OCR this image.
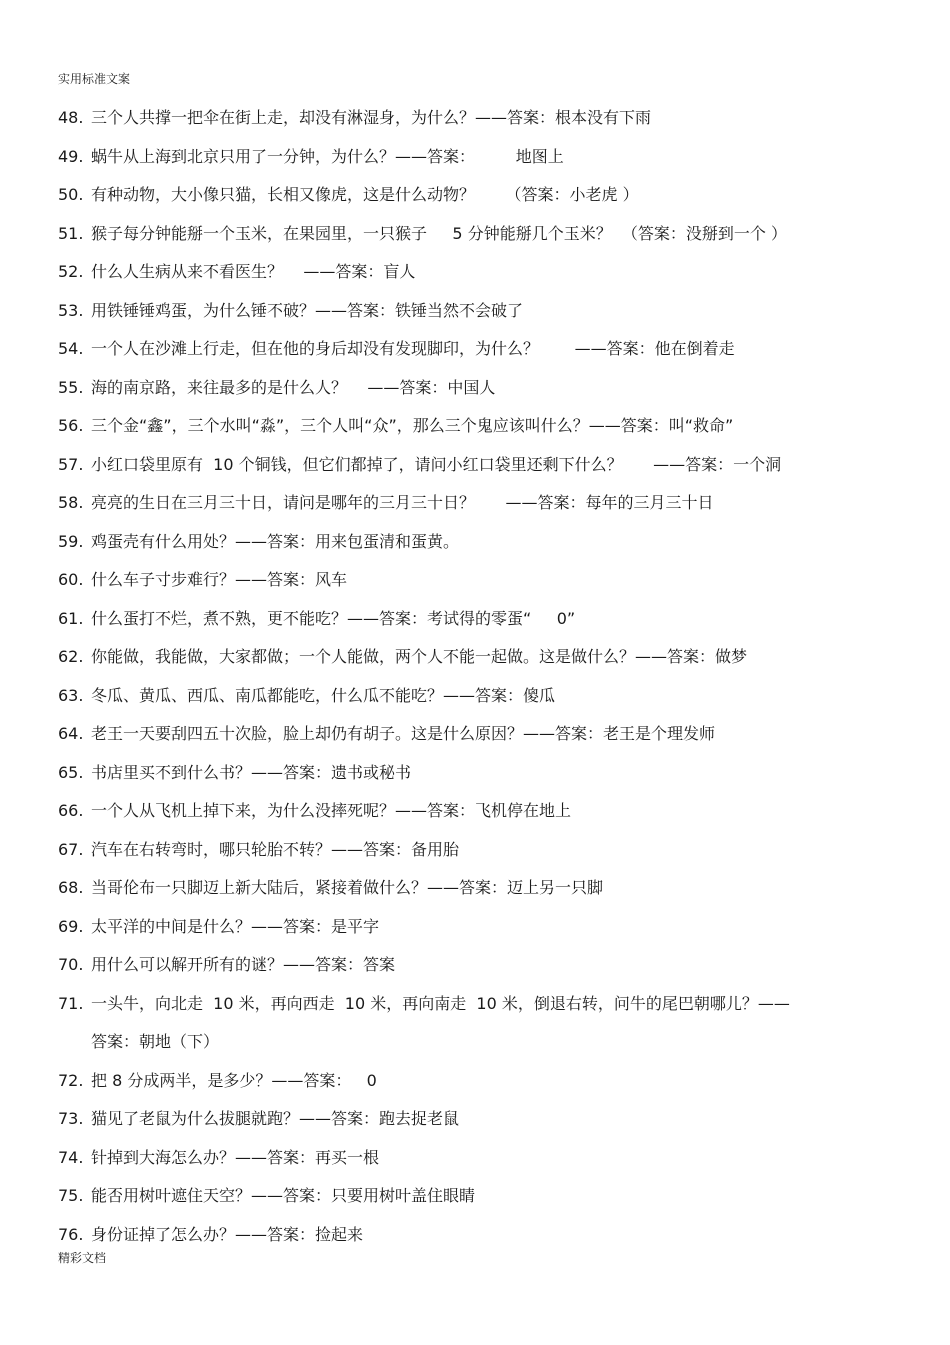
实用标准文案
48. 三个人共撑一把伞在街上走，却没有淋湿身，为什么？——答案：根本没有下雨
49. 蜗牛从上海到北京只用了一分钟，为什么？——答案：        地图上
50. 有种动物，大小像只猫，长相又像虎，这是什么动物？      （答案：小老虎 ）
51. 猴子每分钟能掰一个玉米，在果园里，一只猴子     5 分钟能掰几个玉米？  （答案：没掰到一个 ）
52. 什么人生病从来不看医生？    ——答案：盲人
53. 用铁锤锤鸡蛋，为什么锤不破？——答案：铁锤当然不会破了
54. 一个人在沙滩上行走，但在他的身后却没有发现脚印，为什么？       ——答案：他在倒着走
55. 海的南京路，来往最多的是什么人？    ——答案：中国人
56. 三个金“鑫”，三个水叫“淼”，三个人叫“众”，那么三个鬼应该叫什么？——答案：叫“救命”
57. 小红口袋里原有  10 个铜钱，但它们都掉了，请问小红口袋里还剩下什么？      ——答案：一个洞
58. 亮亮的生日在三月三十日，请问是哪年的三月三十日？      ——答案：每年的三月三十日
59. 鸡蛋壳有什么用处？——答案：用来包蛋清和蛋黄。
60. 什么车子寸步难行？——答案：风车
61. 什么蛋打不烂，煮不熟，更不能吃？——答案：考试得的零蛋“     0”
62. 你能做，我能做，大家都做；一个人能做，两个人不能一起做。这是做什么？——答案：做梦
63. 冬瓜、黄瓜、西瓜、南瓜都能吃，什么瓜不能吃？——答案：傻瓜
64. 老王一天要刮四五十次脸，脸上却仍有胡子。这是什么原因？——答案：老王是个理发师
65. 书店里买不到什么书？——答案：遗书或秘书
66. 一个人从飞机上掉下来，为什么没摔死呢？——答案：飞机停在地上
67. 汽车在右转弯时，哪只轮胎不转？——答案：备用胎
68. 当哥伦布一只脚迈上新大陆后，紧接着做什么？——答案：迈上另一只脚
69. 太平洋的中间是什么？——答案：是平字
70. 用什么可以解开所有的谜？——答案：答案
71. 一头牛，向北走  10 米，再向西走  10 米，再向南走  10 米，倒退右转，问牛的尾巴朝哪儿？——
答案：朝地（下）
72. 把 8 分成两半，是多少？——答案：   0
73. 猫见了老鼠为什么拔腿就跑？——答案：跑去捉老鼠
74. 针掉到大海怎么办？——答案：再买一根
75. 能否用树叶遮住天空？——答案：只要用树叶盖住眼睛
76. 身份证掉了怎么办？——答案：捡起来
精彩文档
